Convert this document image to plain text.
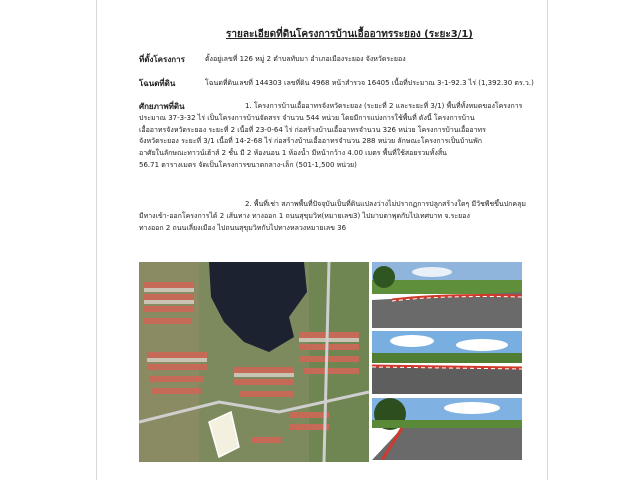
รายละเอียดที่ดินโครงการบ้านเอื้ออาทรระยอง (ระยะ3/1)
ที่ตั้งโครงการ	ตั้งอยู่เลขที่ 126 หมู่ 2 ตำบลทับมา อำเภอเมืองระยอง จังหวัดระยอง
โฉนดที่ดิน	โฉนดที่ดินเลขที่ 144303 เลขที่ดิน 4968 หน้าสำรวจ 16405 เนื้อที่ประมาณ 3-1-92.3 ไร่ (1,392.30 ตร.ว.)
ศักยภาพที่ดิน	1. โครงการบ้านเอื้ออาทรจังหวัดระยอง (ระยะที่ 2 และระยะที่ 3/1) พื้นที่ทั้งหมดของโครงการ
ประมาณ 37-3-32 ไร่ เป็นโครงการบ้านจัดสรร จำนวน 544 หน่วย โดยมีการแบ่งการใช้พื้นที่ ดังนี้ โครงการบ้าน
เอื้ออาทรจังหวัดระยอง ระยะที่ 2 เนื้อที่ 23-0-64 ไร่ ก่อสร้างบ้านเอื้ออาทรจำนวน 326 หน่วย โครงการบ้านเอื้ออาทร
จังหวัดระยอง ระยะที่ 3/1 เนื้อที่ 14-2-68 ไร่ ก่อสร้างบ้านเอื้ออาทรจำนวน 288 หน่วย ลักษณะโครงการเป็นบ้านพัก
อาศัยในลักษณะทาวน์เฮ้าส์ 2 ชั้น มี 2 ห้องนอน 1 ห้องน้ำ มีหน้ากว้าง 4.00 เมตร พื้นที่ใช้สอยรวมทั้งสิ้น
56.71 ตารางเมตร จัดเป็นโครงการขนาดกลาง-เล็ก (501-1,500 หน่วย)
2. พื้นที่เช่า สภาพพื้นที่ปัจจุบันเป็นที่ดินแปลงว่างไม่ปรากฏการปลูกสร้างใดๆ มีวัชพืชขึ้นปกคลุม
มีทางเข้า-ออกโครงการได้ 2 เส้นทาง ทางออก 1 ถนนสุขุมวิท(หมายเลข3) ไปมาบตาพุดกับไปเทศบาท จ.ระยอง
ทางออก 2 ถนนเลี่ยงเมือง ไปถนนสุขุมวิทกับไปทางหลวงหมายเลข 36
